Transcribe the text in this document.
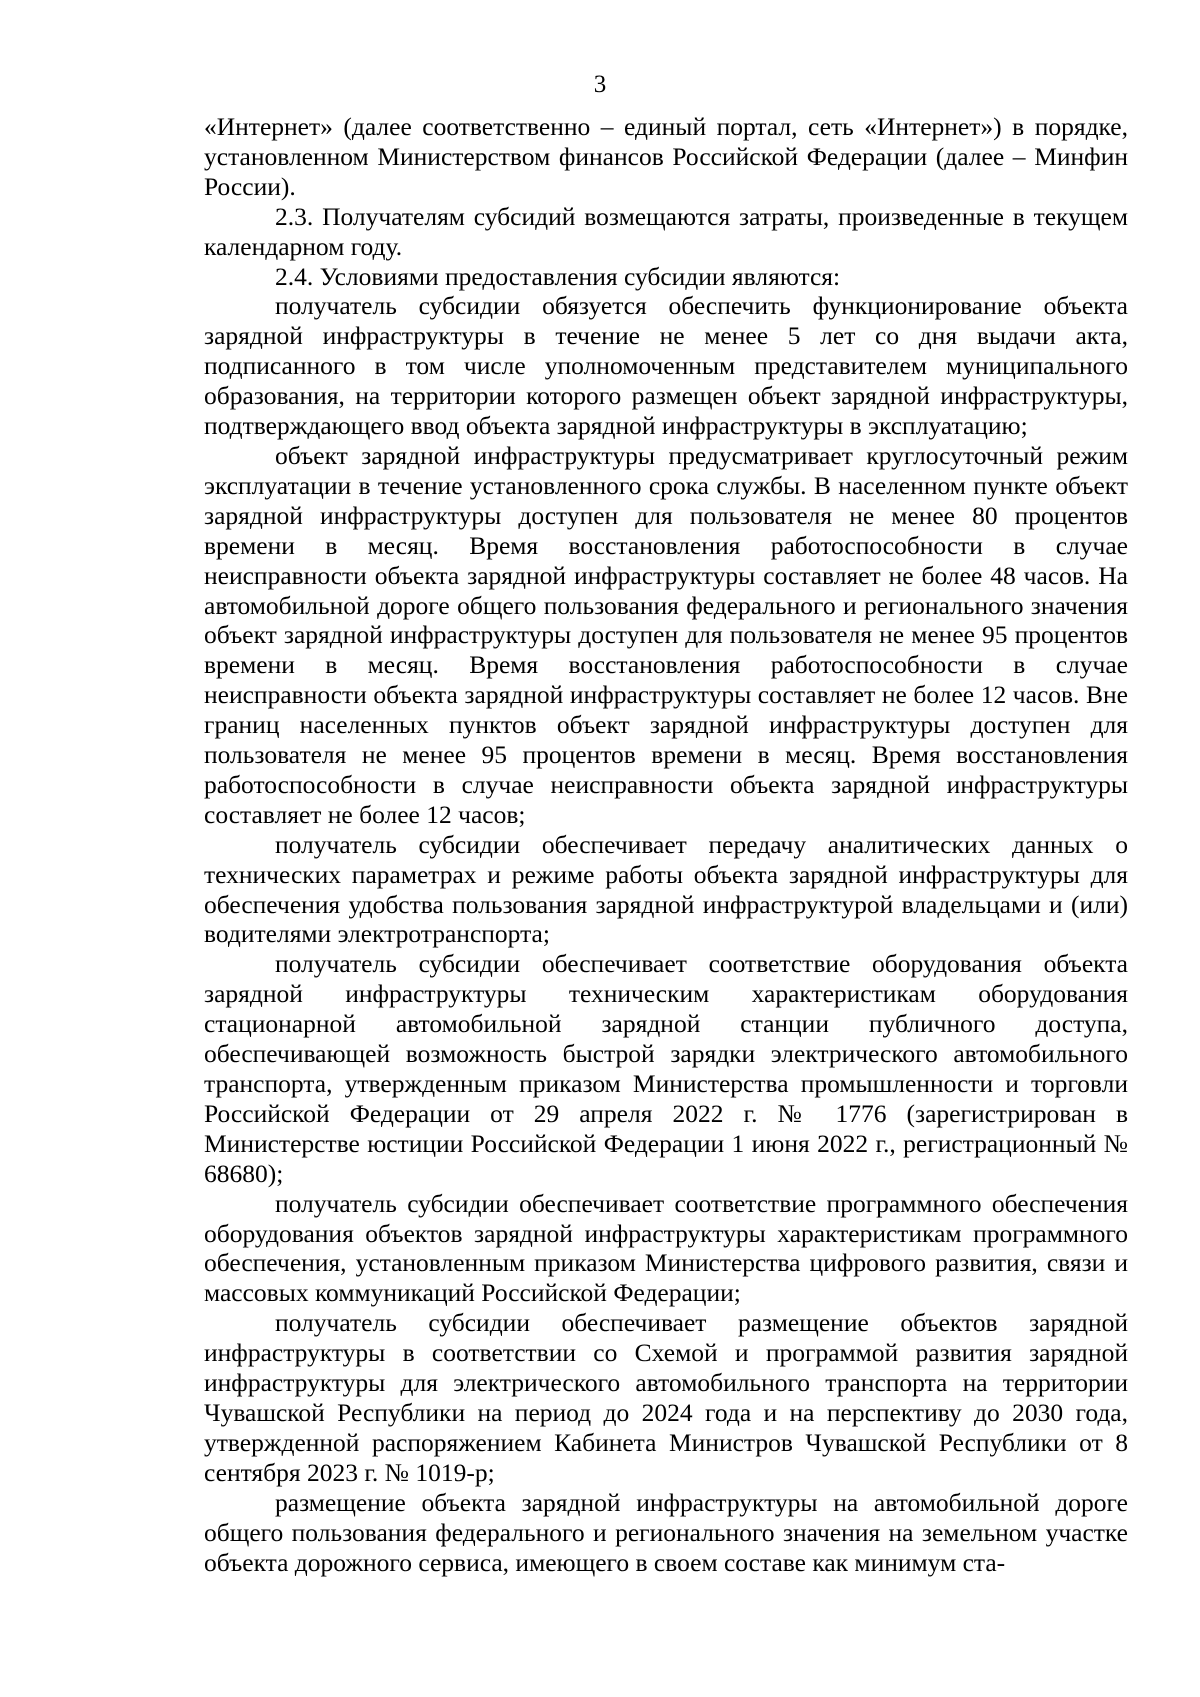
3

«Интернет» (далее соответственно – единый портал, сеть «Интернет») в порядке, установленном Министерством финансов Российской Федерации (далее – Минфин России).

2.3. Получателям субсидий возмещаются затраты, произведенные в текущем календарном году.

2.4. Условиями предоставления субсидии являются:

получатель субсидии обязуется обеспечить функционирование объекта зарядной инфраструктуры в течение не менее 5 лет со дня выдачи акта, подписанного в том числе уполномоченным представителем муниципального образования, на территории которого размещен объект зарядной инфраструктуры, подтверждающего ввод объекта зарядной инфраструктуры в эксплуатацию;

объект зарядной инфраструктуры предусматривает круглосуточный режим эксплуатации в течение установленного срока службы. В населенном пункте объект зарядной инфраструктуры доступен для пользователя не менее 80 процентов времени в месяц. Время восстановления работоспособности в случае неисправности объекта зарядной инфраструктуры составляет не более 48 часов. На автомобильной дороге общего пользования федерального и регионального значения объект зарядной инфраструктуры доступен для пользователя не менее 95 процентов времени в месяц. Время восстановления работоспособности в случае неисправности объекта зарядной инфраструктуры составляет не более 12 часов. Вне границ населенных пунктов объект зарядной инфраструктуры доступен для пользователя не менее 95 процентов времени в месяц. Время восстановления работоспособности в случае неисправности объекта зарядной инфраструктуры составляет не более 12 часов;

получатель субсидии обеспечивает передачу аналитических данных о технических параметрах и режиме работы объекта зарядной инфраструктуры для обеспечения удобства пользования зарядной инфраструктурой владельцами и (или) водителями электротранспорта;

получатель субсидии обеспечивает соответствие оборудования объекта зарядной инфраструктуры техническим характеристикам оборудования стационарной автомобильной зарядной станции публичного доступа, обеспечивающей возможность быстрой зарядки электрического автомобильного транспорта, утвержденным приказом Министерства промышленности и торговли Российской Федерации от 29 апреля 2022 г. № 1776 (зарегистрирован в Министерстве юстиции Российской Федерации 1 июня 2022 г., регистрационный № 68680);

получатель субсидии обеспечивает соответствие программного обеспечения оборудования объектов зарядной инфраструктуры характеристикам программного обеспечения, установленным приказом Министерства цифрового развития, связи и массовых коммуникаций Российской Федерации;

получатель субсидии обеспечивает размещение объектов зарядной инфраструктуры в соответствии со Схемой и программой развития зарядной инфраструктуры для электрического автомобильного транспорта на территории Чувашской Республики на период до 2024 года и на перспективу до 2030 года, утвержденной распоряжением Кабинета Министров Чувашской Республики от 8 сентября 2023 г. № 1019-р;

размещение объекта зарядной инфраструктуры на автомобильной дороге общего пользования федерального и регионального значения на земельном участке объекта дорожного сервиса, имеющего в своем составе как минимум ста-
